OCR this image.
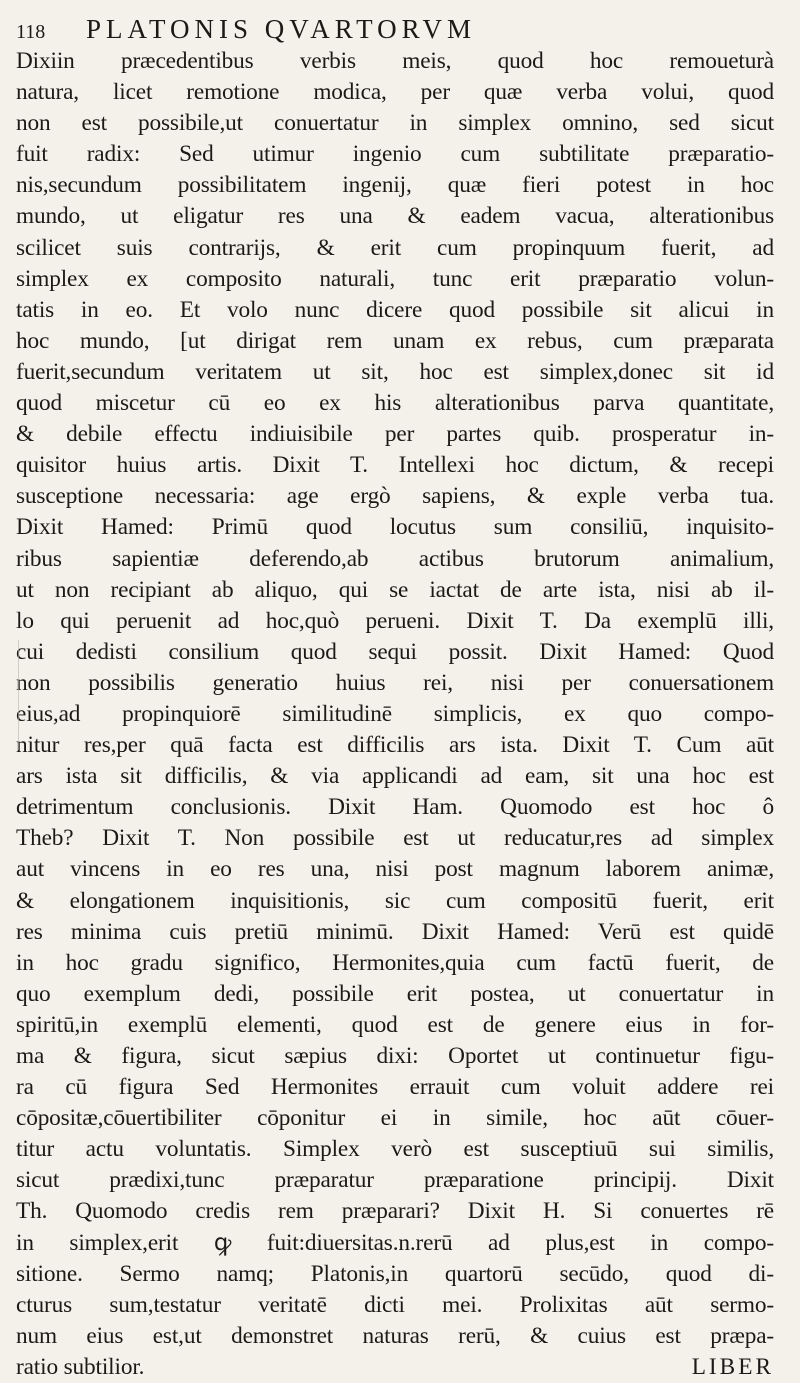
118	PLATONIS QVARTORVM
Dixiin præcedentibus verbis meis, quod hoc remoueturà
natura, licet remotione modica, per quæ verba volui, quod
non est possibile,ut conuertatur in simplex omnino, sed sicut
fuit radix: Sed utimur ingenio cum subtilitate præparatio-
nis,secundum possibilitatem ingenij, quæ fieri potest in hoc
mundo, ut eligatur res una & eadem vacua, alterationibus
scilicet suis contrarijs, & erit cum propinquum fuerit, ad
simplex ex composito naturali, tunc erit præparatio volun-
tatis in eo. Et volo nunc dicere quod possibile sit alicui in
hoc mundo, [ut dirigat rem unam ex rebus, cum præparata
fuerit,secundum veritatem ut sit, hoc est simplex,donec sit id
quod miscetur cū eo ex his alterationibus parva quantitate,
& debile effectu indiuisibile per partes quib. prosperatur in-
quisitor huius artis. Dixit T. Intellexi hoc dictum, & recepi
susceptione necessaria: age ergò sapiens, & exple verba tua.
Dixit Hamed: Primū quod locutus sum consiliū, inquisito-
ribus sapientiæ deferendo,ab actibus brutorum animalium,
ut non recipiant ab aliquo, qui se iactat de arte ista, nisi ab il-
lo qui peruenit ad hoc,quò perueni. Dixit T. Da exemplū illi,
cui dedisti consilium quod sequi possit. Dixit Hamed: Quod
non possibilis generatio huius rei, nisi per conuersationem
eius,ad propinquiorē similitudinē simplicis, ex quo compo-
nitur res,per quā facta est difficilis ars ista. Dixit T. Cum aūt
ars ista sit difficilis, & via applicandi ad eam, sit una hoc est
detrimentum conclusionis. Dixit Ham. Quomodo est hoc ô
Theb? Dixit T. Non possibile est ut reducatur,res ad simplex
aut vincens in eo res una, nisi post magnum laborem animæ,
& elongationem inquisitionis, sic cum compositū fuerit, erit
res minima cuis pretiū minimū. Dixit Hamed: Verū est quidē
in hoc gradu significo, Hermonites,quia cum factū fuerit, de
quo exemplum dedi, possibile erit postea, ut conuertatur in
spiritū,in exemplū elementi, quod est de genere eius in for-
ma & figura, sicut sæpius dixi: Oportet ut continuetur figu-
ra cū figura Sed Hermonites errauit cum voluit addere rei
cōpositæ,cōuertibiliter cōponitur ei in simile, hoc aūt cōuer-
titur actu voluntatis. Simplex verò est susceptiuū sui similis,
sicut prædixi,tunc præparatur præparatione principij. Dixit
Th. Quomodo credis rem præparari? Dixit H. Si conuertes rē
in simplex,erit ꝙ fuit:diuersitas.n.rerū ad plus,est in compo-
sitione. Sermo namq; Platonis,in quartorū secūdo, quod di-
cturus sum,testatur veritatē dicti mei. Prolixitas aūt sermo-
num eius est,ut demonstret naturas rerū, & cuius est præpa-
ratio subtilior.	LIBER
